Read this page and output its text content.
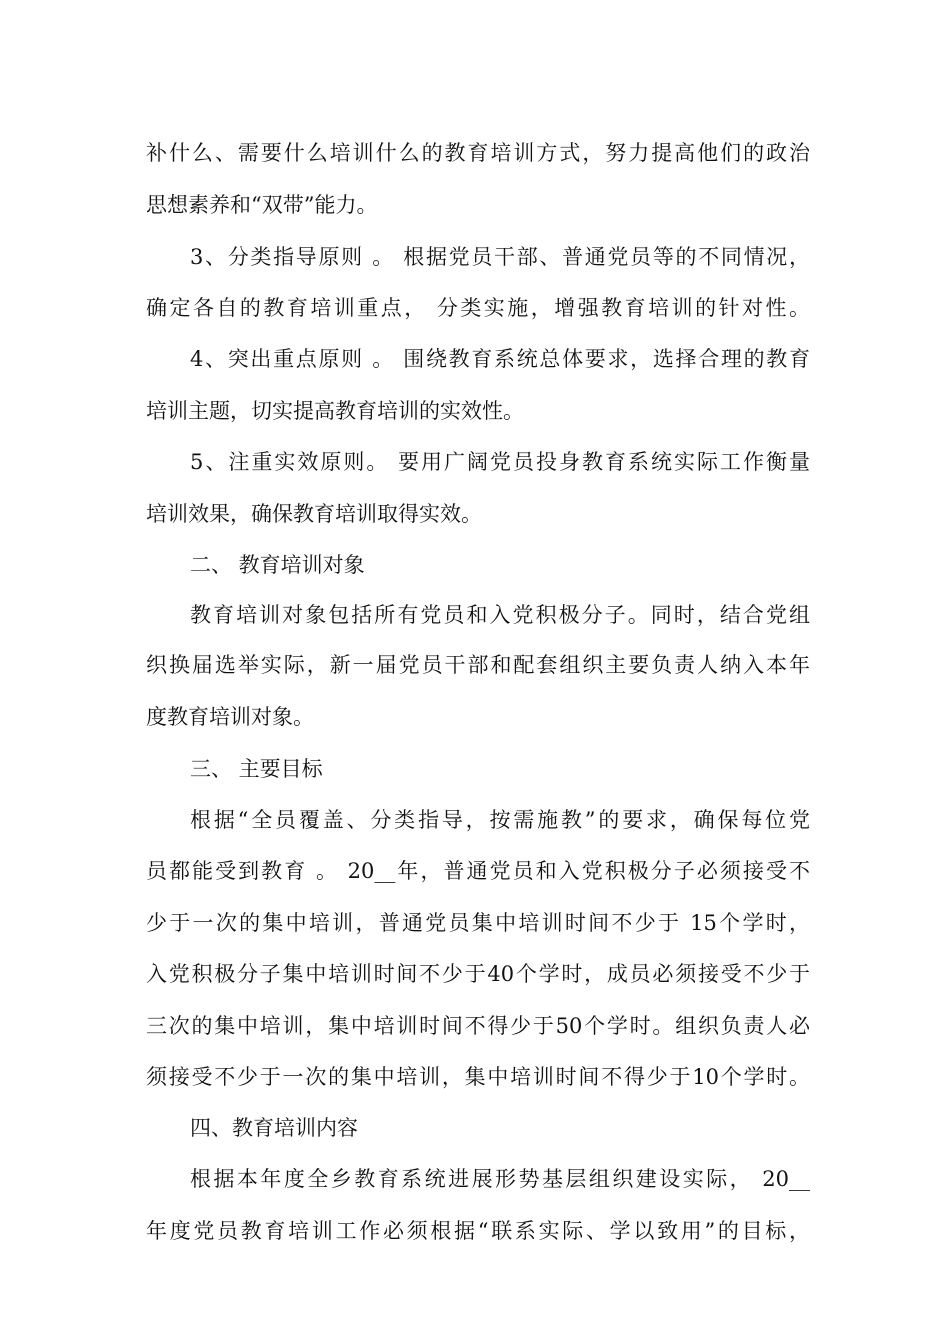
补什么、需要什么培训什么的教育培训方式，努力提高他们的政治
思想素养和“双带”能力。
3、分类指导原则 。 根据党员干部、普通党员等的不同情况，
确定各自的教育培训重点， 分类实施，增强教育培训的针对性。
4、突出重点原则 。 围绕教育系统总体要求，选择合理的教育
培训主题，切实提高教育培训的实效性。
5、注重实效原则。 要用广阔党员投身教育系统实际工作衡量
培训效果，确保教育培训取得实效。
二、 教育培训对象
教育培训对象包括所有党员和入党积极分子。同时，结合党组
织换届选举实际，新一届党员干部和配套组织主要负责人纳入本年
度教育培训对象。
三、 主要目标
根据“全员覆盖、分类指导，按需施教”的要求，确保每位党
员都能受到教育 。 20__年，普通党员和入党积极分子必须接受不
少于一次的集中培训，普通党员集中培训时间不少于 15个学时，
入党积极分子集中培训时间不少于40个学时，成员必须接受不少于
三次的集中培训，集中培训时间不得少于50个学时。组织负责人必
须接受不少于一次的集中培训，集中培训时间不得少于10个学时。
四、教育培训内容
根据本年度全乡教育系统进展形势基层组织建设实际， 20__
年度党员教育培训工作必须根据“联系实际、学以致用”的目标，
